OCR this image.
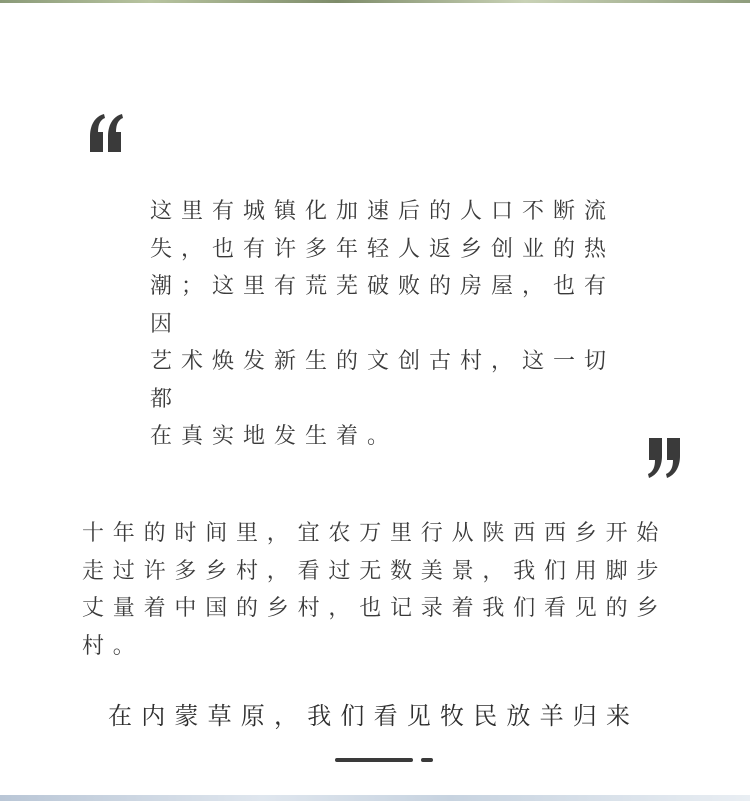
这里有城镇化加速后的人口不断流
失，也有许多年轻人返乡创业的热
潮；这里有荒芜破败的房屋，也有因
艺术焕发新生的文创古村，这一切都
在真实地发生着。
十年的时间里，宜农万里行从陕西西乡开始
走过许多乡村，看过无数美景，我们用脚步
丈量着中国的乡村，也记录着我们看见的乡
村。
在内蒙草原，我们看见牧民放羊归来
